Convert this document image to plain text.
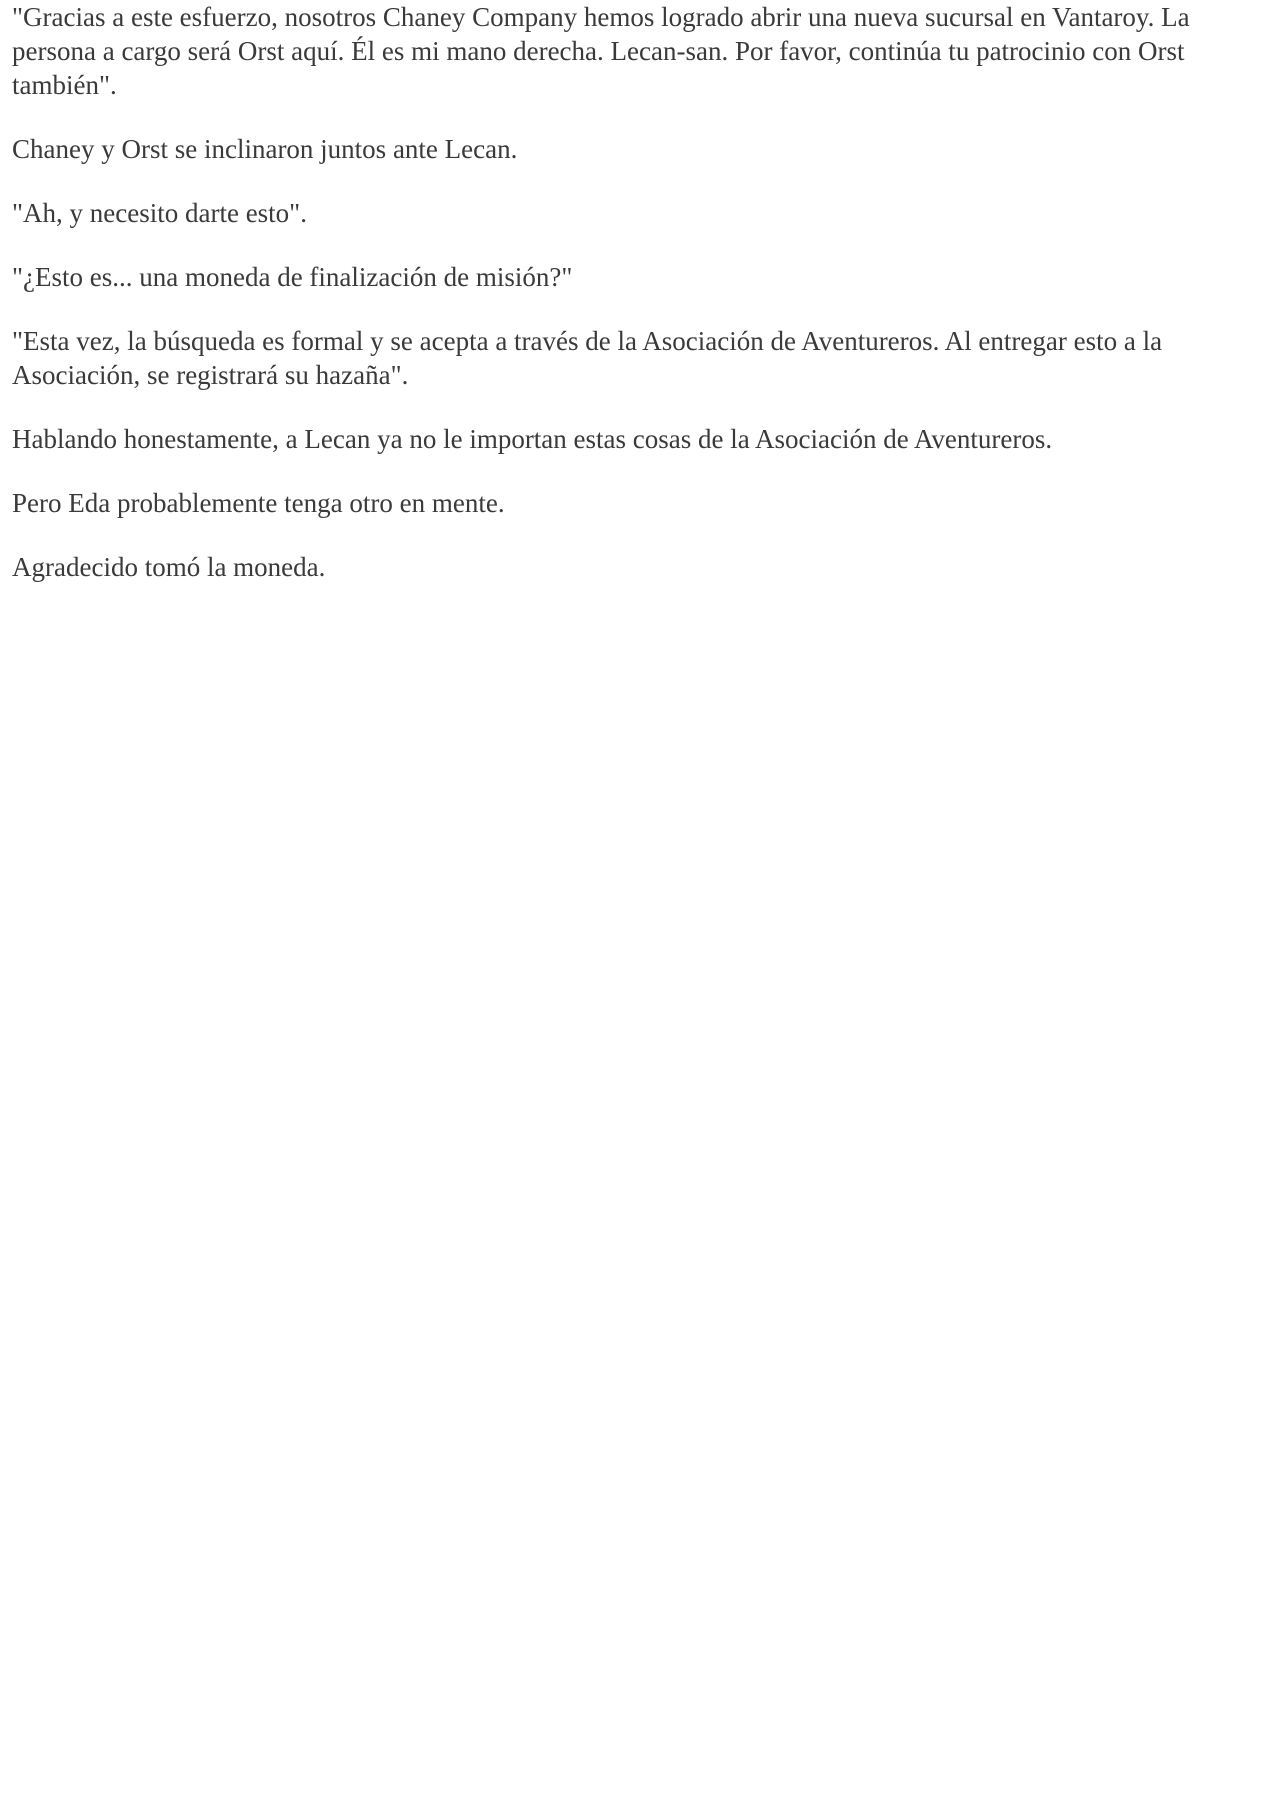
"Gracias a este esfuerzo, nosotros Chaney Company hemos logrado abrir una nueva sucursal en Vantaroy. La persona a cargo será Orst aquí. Él es mi mano derecha. Lecan-san. Por favor, continúa tu patrocinio con Orst también".

Chaney y Orst se inclinaron juntos ante Lecan.

"Ah, y necesito darte esto".

"¿Esto es... una moneda de finalización de misión?"

"Esta vez, la búsqueda es formal y se acepta a través de la Asociación de Aventureros. Al entregar esto a la Asociación, se registrará su hazaña".

Hablando honestamente, a Lecan ya no le importan estas cosas de la Asociación de Aventureros.

Pero Eda probablemente tenga otro en mente.

Agradecido tomó la moneda.
